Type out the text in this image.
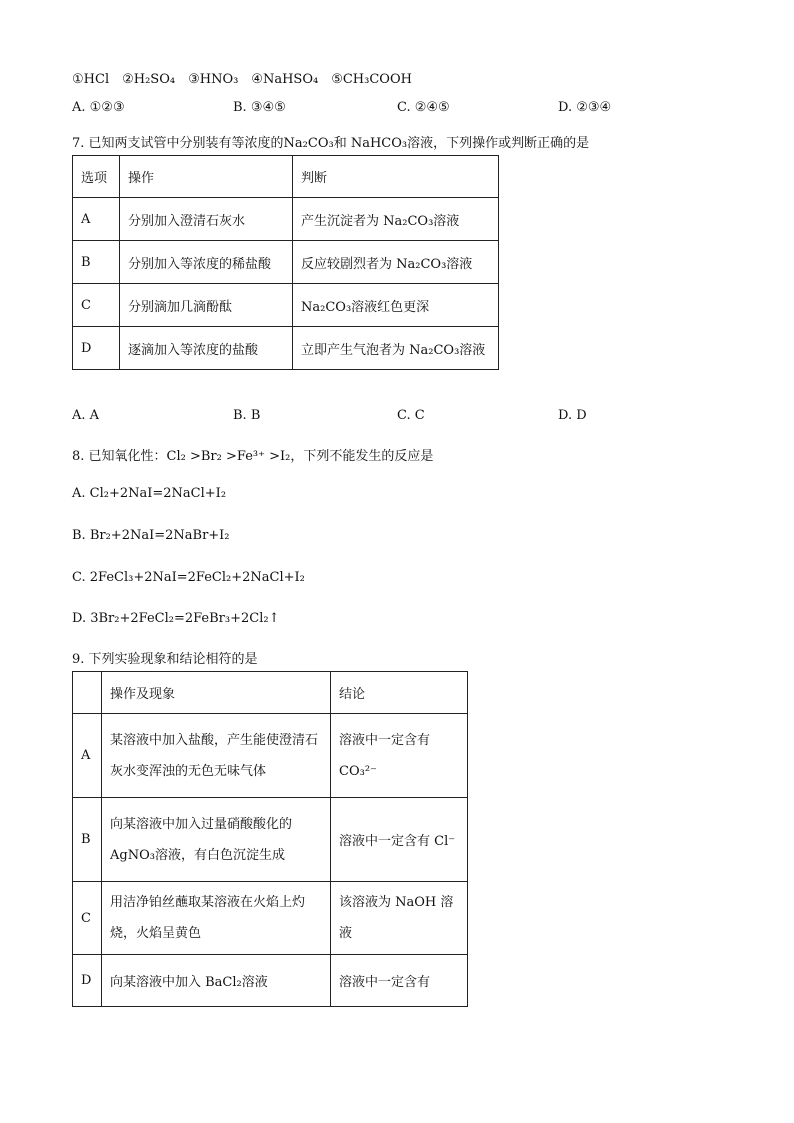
①HCl　②H₂SO₄　③HNO₃　④NaHSO₄　⑤CH₃COOH
A. ①②③	B. ③④⑤	C. ②④⑤	D. ②③④
7. 已知两支试管中分别装有等浓度的Na₂CO₃和 NaHCO₃溶液，下列操作或判断正确的是
选项	操作	判断
A	分别加入澄清石灰水	产生沉淀者为 Na₂CO₃溶液
B	分别加入等浓度的稀盐酸	反应较剧烈者为 Na₂CO₃溶液
C	分别滴加几滴酚酞	Na₂CO₃溶液红色更深
D	逐滴加入等浓度的盐酸	立即产生气泡者为 Na₂CO₃溶液
A. A	B. B	C. C	D. D
8. 已知氧化性：Cl₂ >Br₂ >Fe³⁺ >I₂，下列不能发生的反应是
A. Cl₂+2NaI=2NaCl+I₂
B. Br₂+2NaI=2NaBr+I₂
C. 2FeCl₃+2NaI=2FeCl₂+2NaCl+I₂
D. 3Br₂+2FeCl₂=2FeBr₃+2Cl₂↑
9. 下列实验现象和结论相符的是
	操作及现象	结论
A	某溶液中加入盐酸，产生能使澄清石灰水变浑浊的无色无味气体	溶液中一定含有 CO₃²⁻
B	向某溶液中加入过量硝酸酸化的 AgNO₃溶液，有白色沉淀生成	溶液中一定含有 Cl⁻
C	用洁净铂丝蘸取某溶液在火焰上灼烧，火焰呈黄色	该溶液为 NaOH 溶液
D	向某溶液中加入 BaCl₂溶液	溶液中一定含有
